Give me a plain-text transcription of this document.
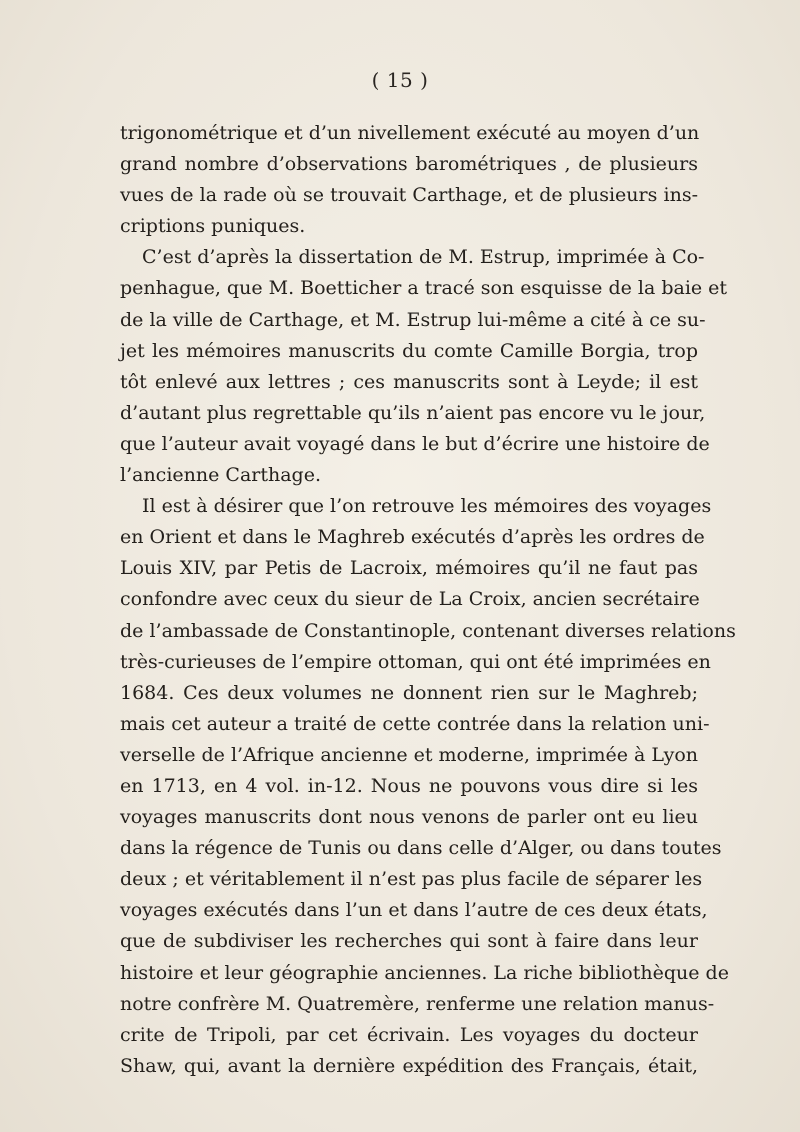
( 15 )
trigonométrique et d’un nivellement exécuté au moyen d’un
grand nombre d’observations barométriques , de plusieurs
vues de la rade où se trouvait Carthage, et de plusieurs ins-
criptions puniques.
C’est d’après la dissertation de M. Estrup, imprimée à Co-
penhague, que M. Boetticher a tracé son esquisse de la baie et
de la ville de Carthage, et M. Estrup lui-même a cité à ce su-
jet les mémoires manuscrits du comte Camille Borgia, trop
tôt enlevé aux lettres ; ces manuscrits sont à Leyde; il est
d’autant plus regrettable qu’ils n’aient pas encore vu le jour,
que l’auteur avait voyagé dans le but d’écrire une histoire de
l’ancienne Carthage.
Il est à désirer que l’on retrouve les mémoires des voyages
en Orient et dans le Maghreb exécutés d’après les ordres de
Louis XIV, par Petis de Lacroix, mémoires qu’il ne faut pas
confondre avec ceux du sieur de La Croix, ancien secrétaire
de l’ambassade de Constantinople, contenant diverses relations
très-curieuses de l’empire ottoman, qui ont été imprimées en
1684. Ces deux volumes ne donnent rien sur le Maghreb;
mais cet auteur a traité de cette contrée dans la relation uni-
verselle de l’Afrique ancienne et moderne, imprimée à Lyon
en 1713, en 4 vol. in-12. Nous ne pouvons vous dire si les
voyages manuscrits dont nous venons de parler ont eu lieu
dans la régence de Tunis ou dans celle d’Alger, ou dans toutes
deux ; et véritablement il n’est pas plus facile de séparer les
voyages exécutés dans l’un et dans l’autre de ces deux états,
que de subdiviser les recherches qui sont à faire dans leur
histoire et leur géographie anciennes. La riche bibliothèque de
notre confrère M. Quatremère, renferme une relation manus-
crite de Tripoli, par cet écrivain. Les voyages du docteur
Shaw, qui, avant la dernière expédition des Français, était,
